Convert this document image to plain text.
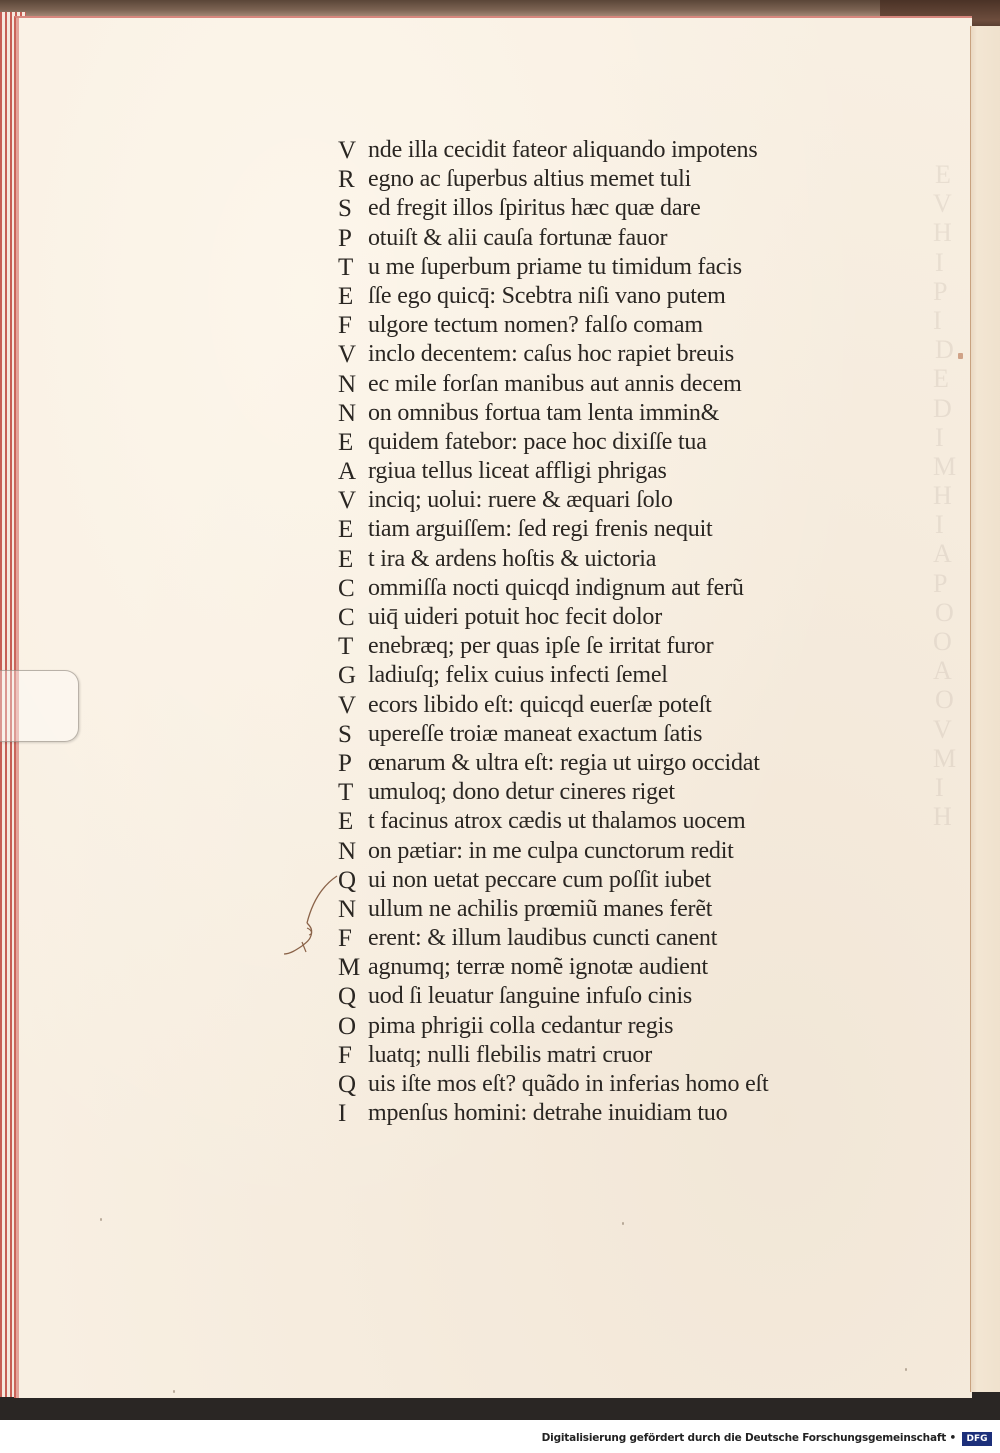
E
V
H
I
P
I
D
E
D
I
M
H
I
A
P
O
O
A
O
V
M
I
H
V nde illa cecidit fateor aliquando impotens
R egno ac ſuperbus altius memet tuli
S ed fregit illos ſpiritus hæc quæ dare
P otuiſt & alii cauſa fortunæ fauor
T u me ſuperbum priame tu timidum facis
E ſſe ego quicq̄: Scebtra niſi vano putem
F ulgore tectum nomen? falſo comam
V inclo decentem: caſus hoc rapiet breuis
N ec mile forſan manibus aut annis decem
N on omnibus fortua tam lenta immin&
E quidem fatebor: pace hoc dixiſſe tua
A rgiua tellus liceat affligi phrigas
V inciq; uolui: ruere & æquari ſolo
E tiam arguiſſem: ſed regi frenis nequit
E t ira & ardens hoſtis & uictoria
C ommiſſa nocti quicqd indignum aut ferũ
C uiq̄ uideri potuit hoc fecit dolor
T enebræq; per quas ipſe ſe irritat furor
G ladiuſq; felix cuius infecti ſemel
V ecors libido eſt: quicqd euerſæ poteſt
S upereſſe troiæ maneat exactum ſatis
P œnarum & ultra eſt: regia ut uirgo occidat
T umuloq; dono detur cineres riget
E t facinus atrox cædis ut thalamos uocem
N on pætiar: in me culpa cunctorum redit
Q ui non uetat peccare cum poſſit iubet
N ullum ne achilis prœmiũ manes ferẽt
F erent: & illum laudibus cuncti canent
M agnumq; terræ nomẽ ignotæ audient
Q uod ſi leuatur ſanguine infuſo cinis
O pima phrigii colla cedantur regis
F luatq; nulli flebilis matri cruor
Q uis iſte mos eſt? quãdo in inferias homo eſt
I mpenſus homini: detrahe inuidiam tuo
Digitalisierung gefördert durch die Deutsche Forschungsgemeinschaft •	DFG
